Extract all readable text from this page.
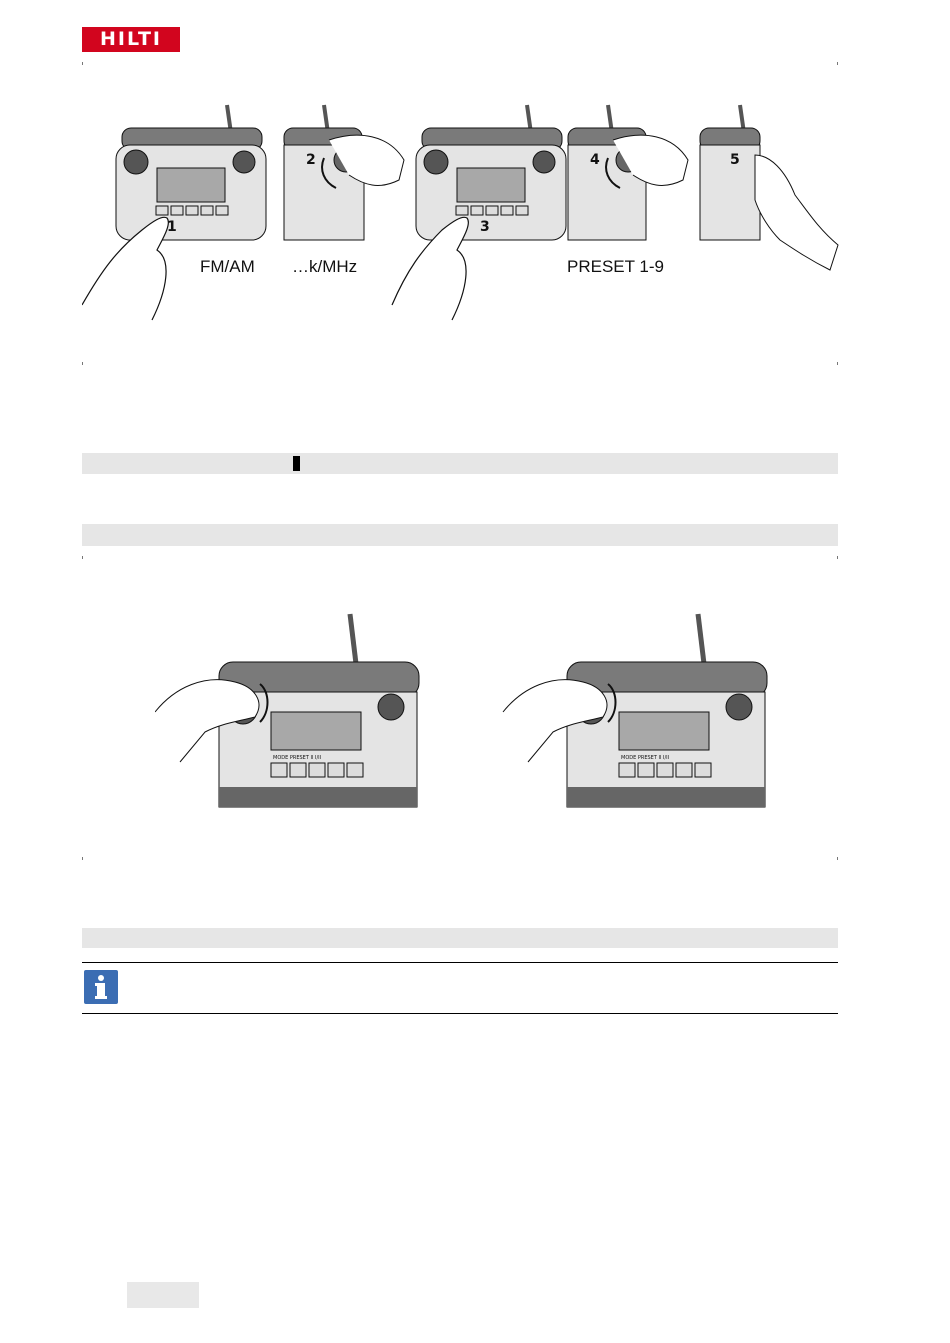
HILTI
1
2
3
4	5
FM/AM …k/MHz	PRESET 1-9
